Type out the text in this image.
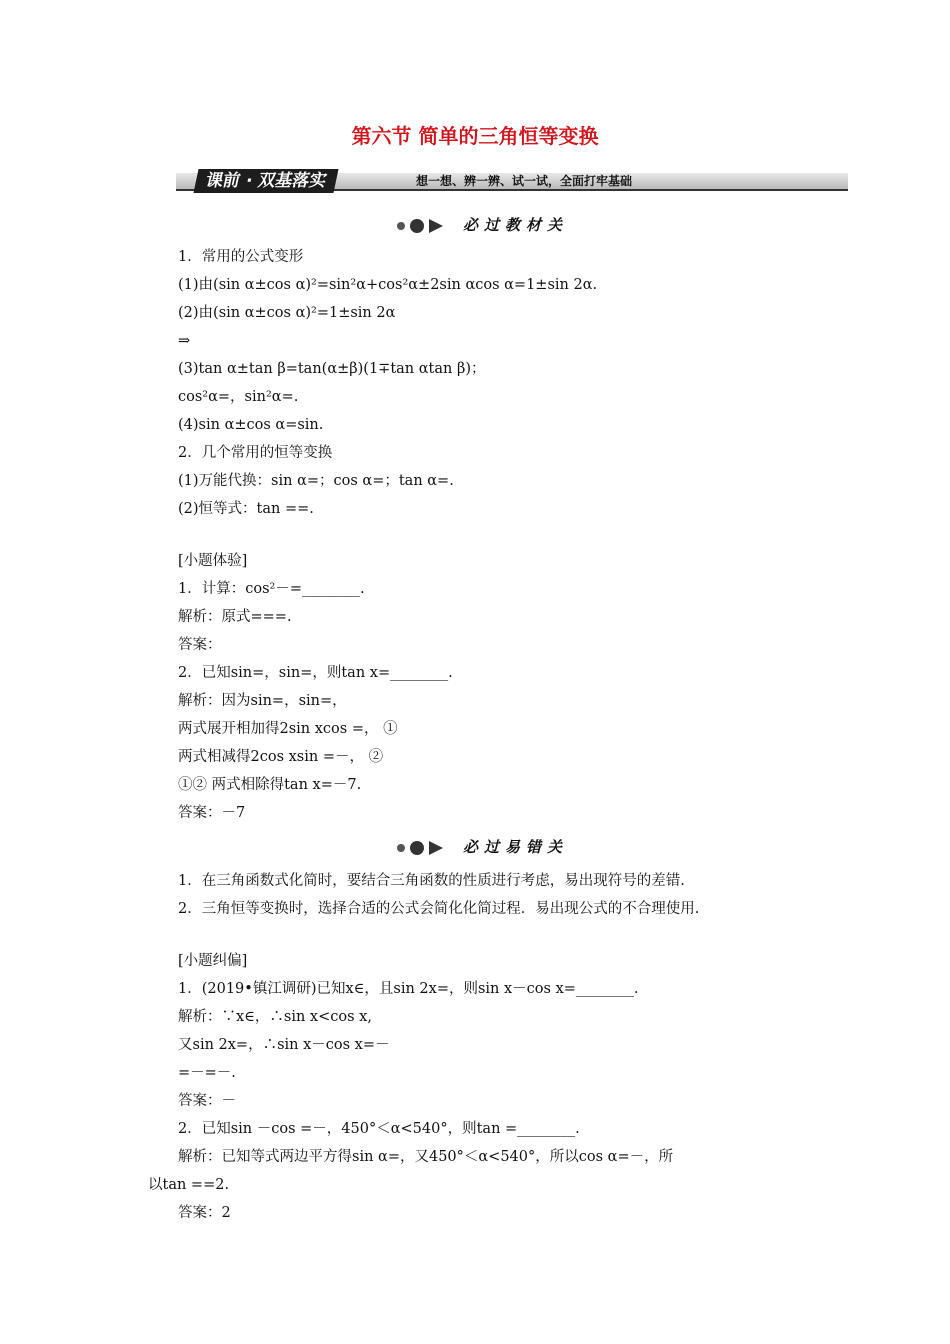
第六节 简单的三角恒等变换
课前 · 双基落实	想一想、辨一辨、试一试，全面打牢基础
必过教材关
1．常用的公式变形
(1)由(sin α±cos α)²=sin²α+cos²α±2sin αcos α=1±sin 2α.
(2)由(sin α±cos α)²=1±sin 2α
⇒
(3)tan α±tan β=tan(α±β)(1∓tan αtan β)；
cos²α=，sin²α=.
(4)sin α±cos α=sin.
2．几个常用的恒等变换
(1)万能代换：sin α=；cos α=；tan α=.
(2)恒等式：tan ==.
[小题体验]
1．计算：cos²－=________.
解析：原式===.
答案：
2．已知sin=，sin=，则tan x=________.
解析：因为sin=，sin=，
两式展开相加得2sin xcos =， ①
两式相减得2cos xsin =－， ②
①② 两式相除得tan x=－7.
答案：－7
必过易错关
1．在三角函数式化简时，要结合三角函数的性质进行考虑，易出现符号的差错.
2．三角恒等变换时，选择合适的公式会简化化简过程．易出现公式的不合理使用.
[小题纠偏]
1．(2019•镇江调研)已知x∈，且sin 2x=，则sin x－cos x=________.
解析：∵x∈，∴sin x<cos x,
又sin 2x=，∴sin x－cos x=－
=－=－.
答案：－
2．已知sin －cos =－，450°＜α<540°，则tan =________.
解析：已知等式两边平方得sin α=，又450°＜α<540°，所以cos α=－，所
以tan ==2.
答案：2
